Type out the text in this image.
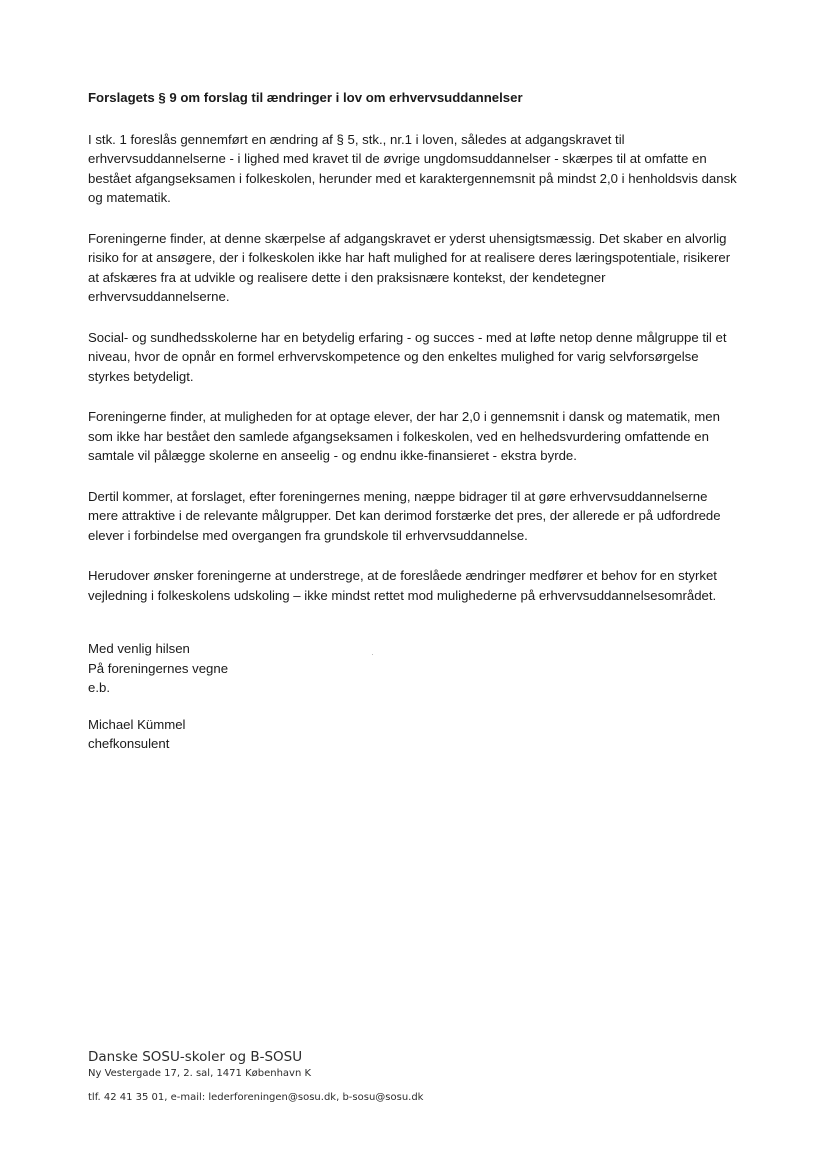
Forslagets § 9 om forslag til ændringer i lov om erhvervsuddannelser

I stk. 1 foreslås gennemført en ændring af § 5, stk., nr.1 i loven, således at adgangskravet til erhvervsuddannelserne - i lighed med kravet til de øvrige ungdomsuddannelser - skærpes til at omfatte en bestået afgangseksamen i folkeskolen, herunder med et karaktergennemsnit på mindst 2,0 i henholdsvis dansk og matematik.

Foreningerne finder, at denne skærpelse af adgangskravet er yderst uhensigtsmæssig. Det skaber en alvorlig risiko for at ansøgere, der i folkeskolen ikke har haft mulighed for at realisere deres læringspotentiale, risikerer at afskæres fra at udvikle og realisere dette i den praksisnære kontekst, der kendetegner erhvervsuddannelserne.

Social- og sundhedsskolerne har en betydelig erfaring - og succes - med at løfte netop denne målgruppe til et niveau, hvor de opnår en formel erhvervskompetence og den enkeltes mulighed for varig selvforsørgelse styrkes betydeligt.

Foreningerne finder, at muligheden for at optage elever, der har 2,0 i gennemsnit i dansk og matematik, men som ikke har bestået den samlede afgangseksamen i folkeskolen, ved en helhedsvurdering omfattende en samtale vil pålægge skolerne en anseelig - og endnu ikke-finansieret - ekstra byrde.

Dertil kommer, at forslaget, efter foreningernes mening, næppe bidrager til at gøre erhvervsuddannelserne mere attraktive i de relevante målgrupper. Det kan derimod forstærke det pres, der allerede er på udfordrede elever i forbindelse med overgangen fra grundskole til erhvervsuddannelse.

Herudover ønsker foreningerne at understrege, at de foreslåede ændringer medfører et behov for en styrket vejledning i folkeskolens udskoling – ikke mindst rettet mod mulighederne på erhvervsuddannelsesområdet.

Med venlig hilsen
På foreningernes vegne
e.b.
Michael Kümmel
chefkonsulent
Danske SOSU-skoler og B-SOSU
Ny Vestergade 17, 2. sal, 1471 København K
tlf. 42 41 35 01, e-mail: lederforeningen@sosu.dk, b-sosu@sosu.dk
